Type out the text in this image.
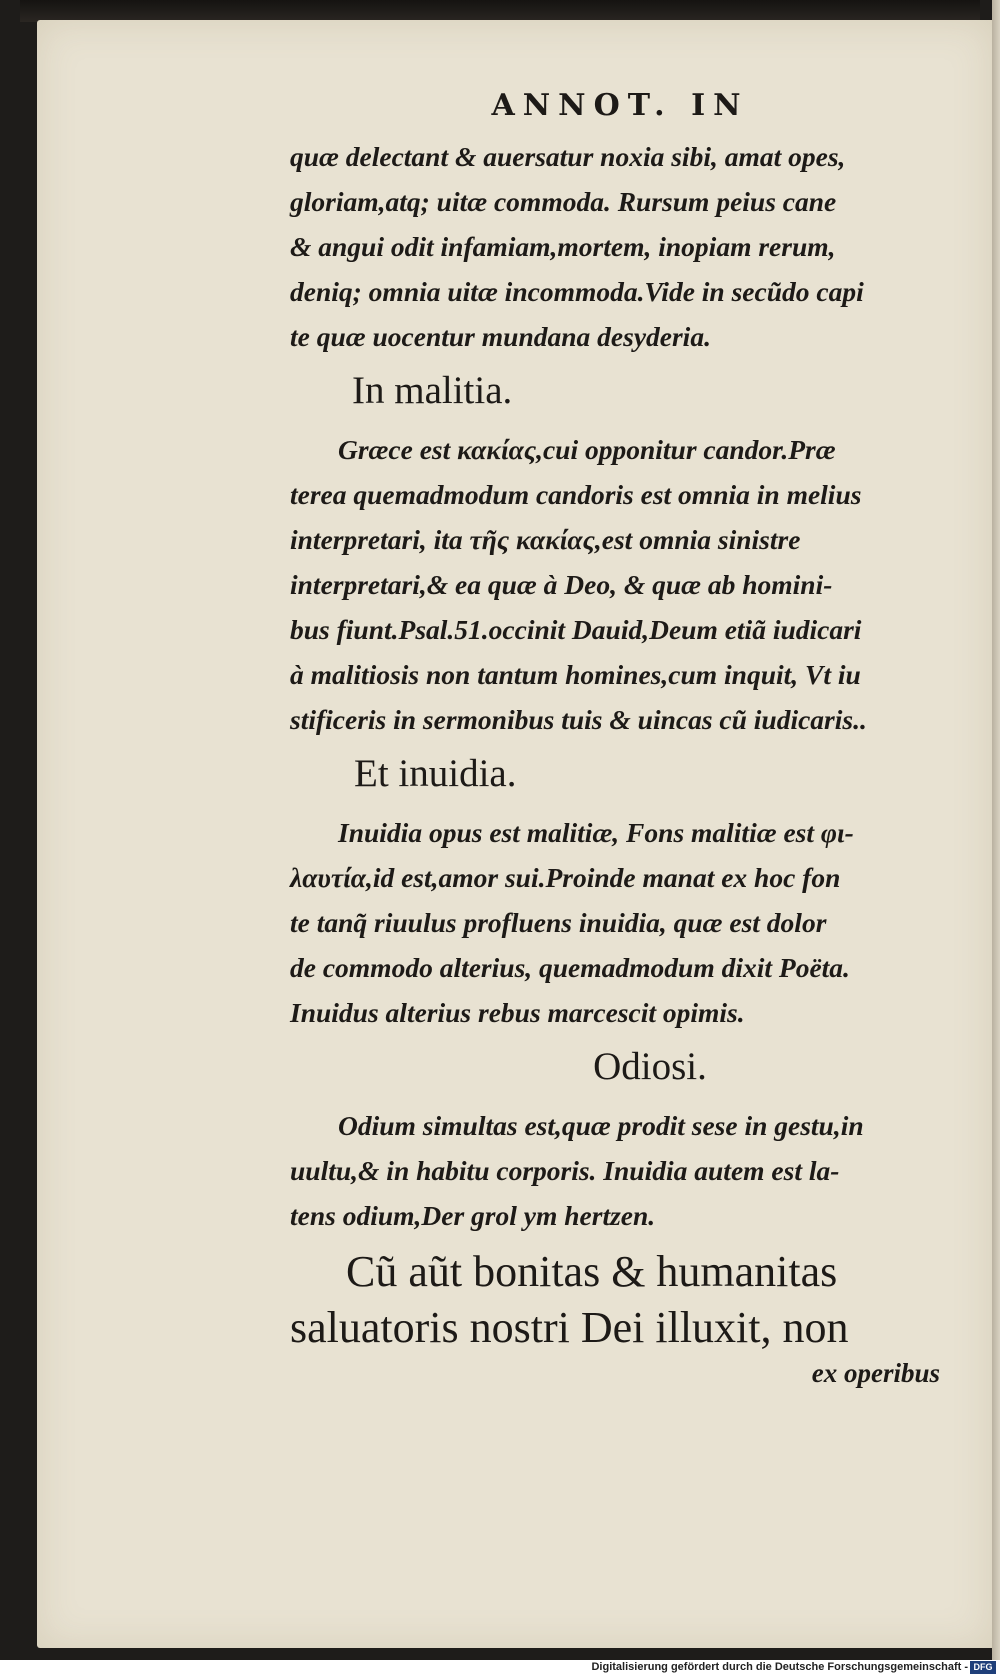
ANNOT. IN

quæ delectant & auersatur noxia sibi, amat opes,

gloriam,atq; uitæ commoda. Rursum peius cane

& angui odit infamiam,mortem, inopiam rerum,

deniq; omnia uitæ incommoda.Vide in secũdo capi

te quæ uocentur mundana desyderia.

In malitia.

Græce est κακίας,cui opponitur candor.Præ

terea quemadmodum candoris est omnia in melius

interpretari, ita τῆς κακίας,est omnia sinistre

interpretari,& ea quæ à Deo, & quæ ab homini-

bus fiunt.Psal.51.occinit Dauid,Deum etiã iudicari

à malitiosis non tantum homines,cum inquit, Vt iu

stificeris in sermonibus tuis & uincas cũ iudicaris..

Et inuidia.

Inuidia opus est malitiæ, Fons malitiæ est φι-

λαυτία,id est,amor sui.Proinde manat ex hoc fon

te tanq̃ riuulus profluens inuidia, quæ est dolor

de commodo alterius, quemadmodum dixit Poëta.

Inuidus alterius rebus marcescit opimis.

Odiosi.

Odium simultas est,quæ prodit sese in gestu,in

uultu,& in habitu corporis. Inuidia autem est la-

tens odium,Der grol ym hertzen.

Cũ aũt bonitas & humanitas

saluatoris nostri Dei illuxit, non

ex operibus
Digitalisierung gefördert durch die Deutsche Forschungsgemeinschaft - DFG
